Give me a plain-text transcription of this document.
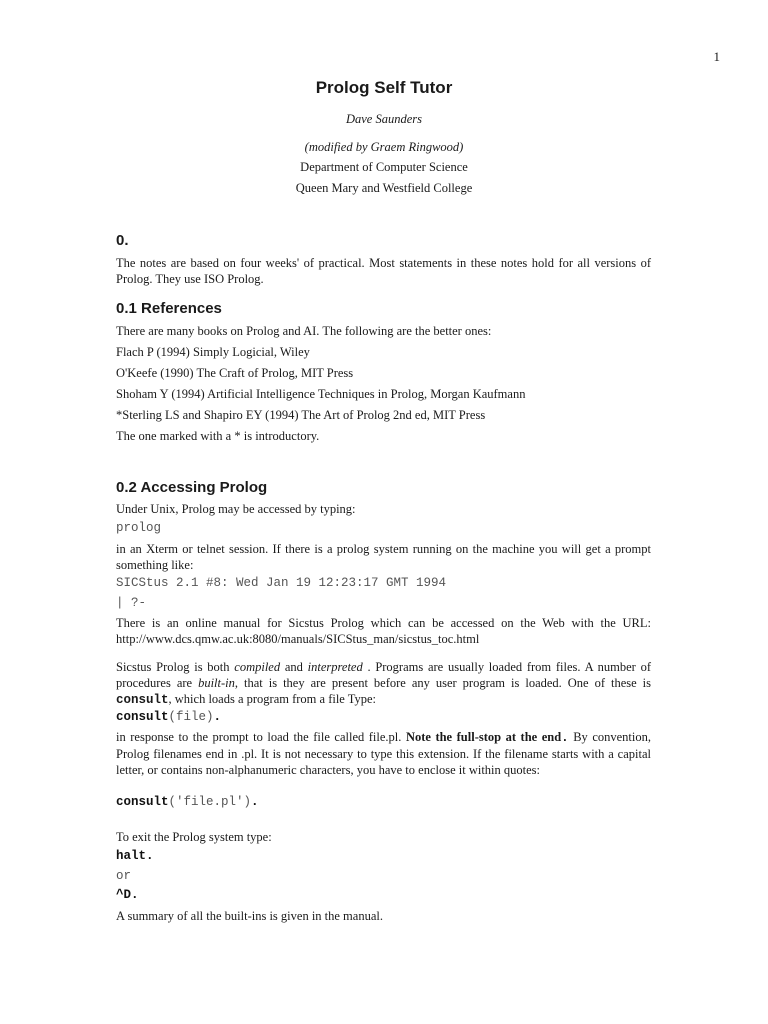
1
Prolog Self Tutor
Dave Saunders
(modified by Graem Ringwood)
Department of Computer Science
Queen Mary and Westfield College
0.

The notes are based on four weeks' of practical. Most statements in these notes hold for all versions of Prolog. They use ISO Prolog.

0.1 References

There are many books on Prolog and AI. The following are the better ones:

Flach P (1994) Simply Logicial, Wiley

O'Keefe (1990) The Craft of Prolog, MIT Press

Shoham Y (1994) Artificial Intelligence Techniques in Prolog, Morgan Kaufmann

*Sterling LS and Shapiro EY (1994) The Art of Prolog 2nd ed, MIT Press

The one marked with a * is introductory.

0.2 Accessing Prolog

Under Unix, Prolog may be accessed by typing:

prolog

in an Xterm or telnet session. If there is a prolog system running on the machine you will get a prompt something like:

SICStus 2.1 #8: Wed Jan 19 12:23:17 GMT 1994
| ?-

There is an online manual for Sicstus Prolog which can be accessed on the Web with the URL: http://www.dcs.qmw.ac.uk:8080/manuals/SICStus_man/sicstus_toc.html

Sicstus Prolog is both compiled and interpreted . Programs are usually loaded from files. A number of procedures are built-in, that is they are present before any user program is loaded. One of these is consult, which loads a program from a file Type:

consult(file).

in response to the prompt to load the file called file.pl. Note the full-stop at the end. By convention, Prolog filenames end in .pl. It is not necessary to type this extension. If the filename starts with a capital letter, or contains non-alphanumeric characters, you have to enclose it within quotes:

consult('file.pl').

To exit the Prolog system type:

halt.
or
^D.

A summary of all the built-ins is given in the manual.
